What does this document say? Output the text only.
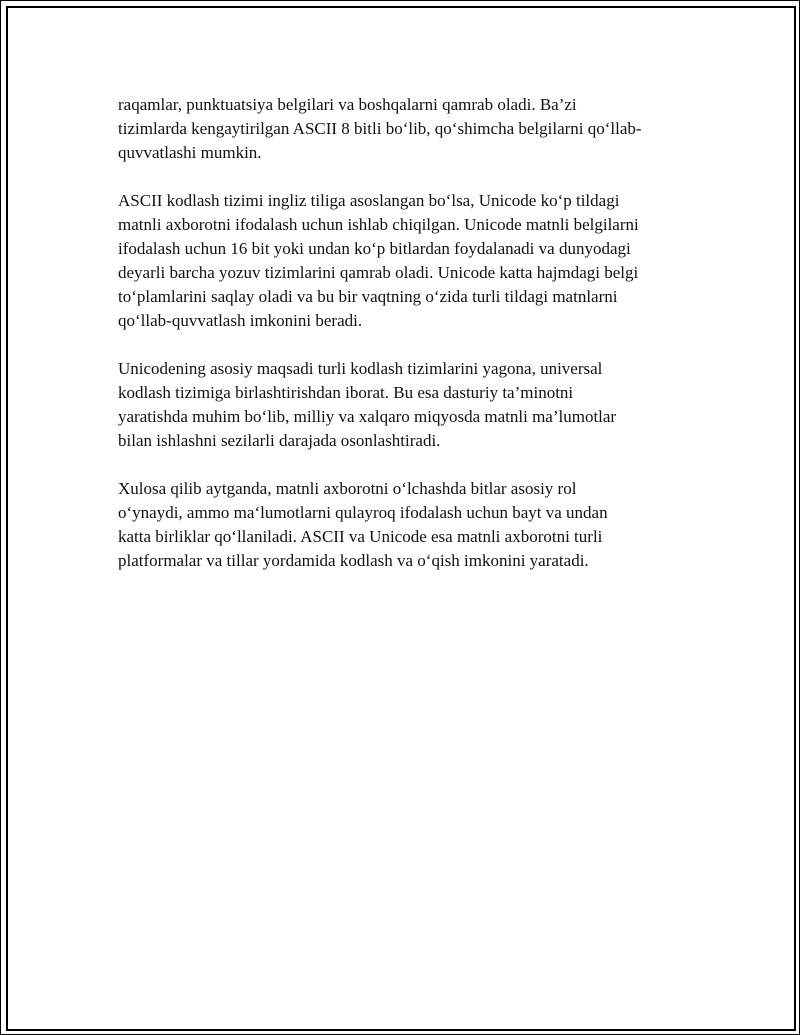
raqamlar, punktuatsiya belgilari va boshqalarni qamrab oladi. Ba’zi
tizimlarda kengaytirilgan ASCII 8 bitli bo‘lib, qo‘shimcha belgilarni qo‘llab-
quvvatlashi mumkin.

ASCII kodlash tizimi ingliz tiliga asoslangan bo‘lsa, Unicode ko‘p tildagi
matnli axborotni ifodalash uchun ishlab chiqilgan. Unicode matnli belgilarni
ifodalash uchun 16 bit yoki undan ko‘p bitlardan foydalanadi va dunyodagi
deyarli barcha yozuv tizimlarini qamrab oladi. Unicode katta hajmdagi belgi
to‘plamlarini saqlay oladi va bu bir vaqtning o‘zida turli tildagi matnlarni
qo‘llab-quvvatlash imkonini beradi.

Unicodening asosiy maqsadi turli kodlash tizimlarini yagona, universal
kodlash tizimiga birlashtirishdan iborat. Bu esa dasturiy ta’minotni
yaratishda muhim bo‘lib, milliy va xalqaro miqyosda matnli ma’lumotlar
bilan ishlashni sezilarli darajada osonlashtiradi.

Xulosa qilib aytganda, matnli axborotni o‘lchashda bitlar asosiy rol
o‘ynaydi, ammo ma‘lumotlarni qulayroq ifodalash uchun bayt va undan
katta birliklar qo‘llaniladi. ASCII va Unicode esa matnli axborotni turli
platformalar va tillar yordamida kodlash va o‘qish imkonini yaratadi.
